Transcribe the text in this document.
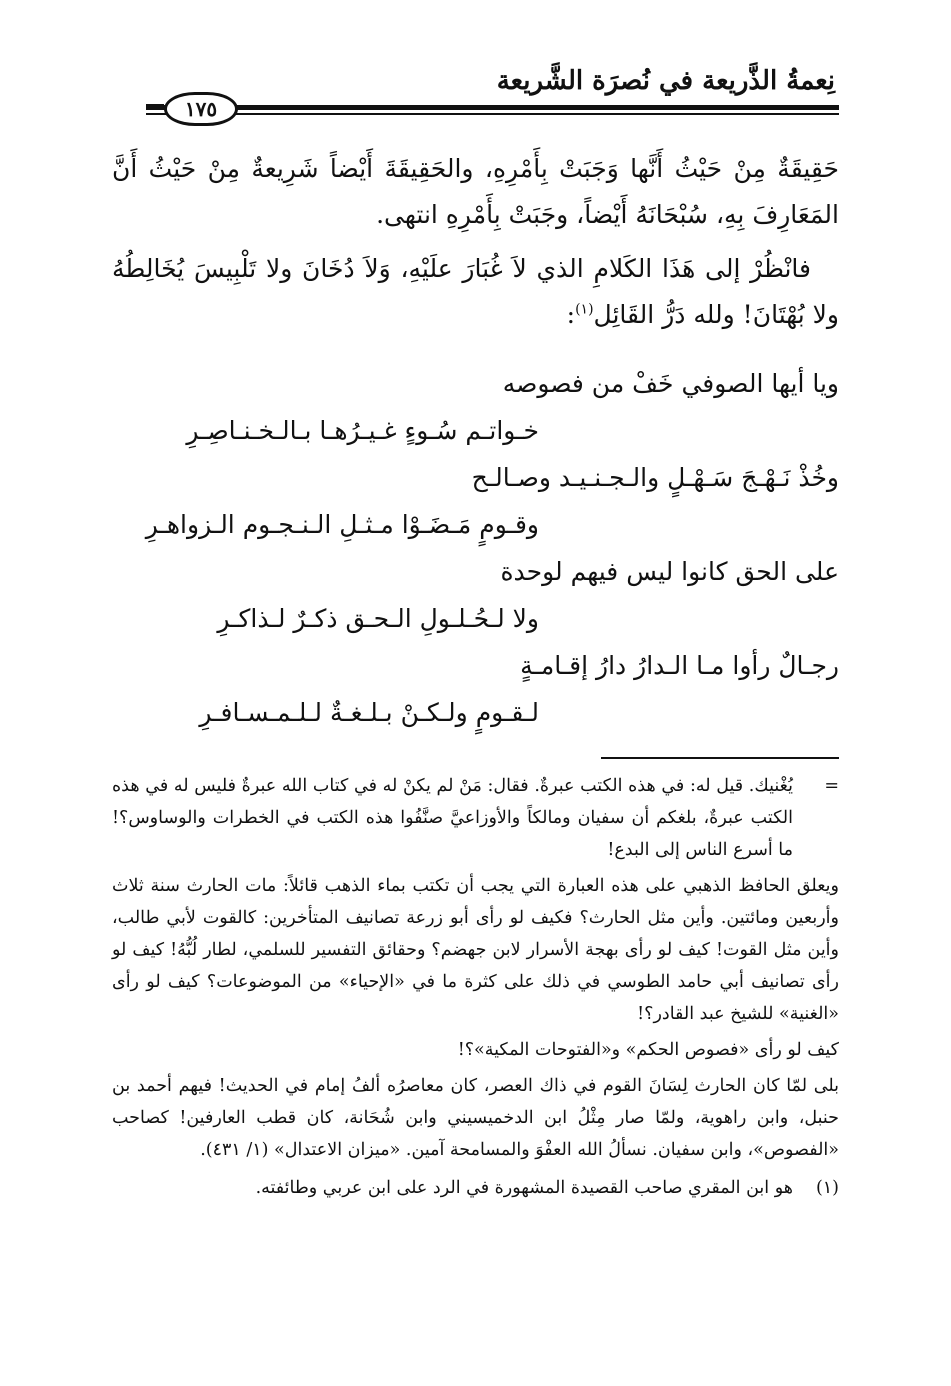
نِعمةُ الذَّريعة في نُصرَة الشَّريعة
١٧٥

حَقِيقَةٌ مِنْ حَيْثُ أَنَّها وَجَبَتْ بِأَمْرِهِ، والحَقِيقَةَ أَيْضاً شَرِيعةٌ مِنْ حَيْثُ أَنَّ المَعَارِفَ بِهِ، سُبْحَانَهُ أَيْضاً، وجَبَتْ بِأَمْرِهِ انتهى.

فانْظُرْ إلى هَذَا الكَلامِ الذي لاَ غُبَارَ علَيْهِ، وَلاَ دُخَانَ ولا تَلْبِيسَ يُخَالِطُهُ ولا بُهْتَانَ! ولله دَرُّ القَائِل$^{(١)}$:

ويا أيها الصوفي خَفْ من فصوصه
خـواتـم سُـوءٍ غـيـرُهـا بـالـخـنـاصِـرِ
وخُذْ نَـهْـجَ سَـهْـلٍ والـجـنـيـد وصـالـح
وقـومٍ مَـضَـوْا مـثـلِ الـنـجـوم الـزواهـرِ
على الحق كانوا ليس فيهم لوحدة
ولا لـحُـلـولِ الـحـق ذكـرٌ لـذاكـرِ
رجـالٌ رأوا مـا الـدارُ دارُ إقـامـةٍ
لـقـومٍ ولـكـنْ بـلـغـةٌ لـلـمـسـافـرِ

=
يُغْنيك. قيل له: في هذه الكتب عبرةٌ. فقال: مَنْ لم يكنْ له في كتاب الله عبرةٌ فليس له في هذه الكتب عبرةٌ، بلغكم أن سفيان ومالكاً والأوزاعيَّ صنَّفُوا هذه الكتب في الخطرات والوساوس؟! ما أسرع الناس إلى البدع!

ويعلق الحافظ الذهبي على هذه العبارة التي يجب أن تكتب بماء الذهب قائلاً: مات الحارث سنة ثلاث وأربعين ومائتين. وأين مثل الحارث؟ فكيف لو رأى أبو زرعة تصانيف المتأخرين: كالقوت لأبي طالب، وأين مثل القوت! كيف لو رأى بهجة الأسرار لابن جهضم؟ وحقائق التفسير للسلمي، لطار لُبُّهُ! كيف لو رأى تصانيف أبي حامد الطوسي في ذلك على كثرة ما في «الإحياء» من الموضوعات؟ كيف لو رأى «الغنية» للشيخ عبد القادر؟!

كيف لو رأى «فصوص الحكم» و«الفتوحات المكية»؟!

بلى لمّا كان الحارث لِسَانَ القوم في ذاك العصر، كان معاصرُه ألفُ إمام في الحديث! فيهم أحمد بن حنبل، وابن راهوية، ولمّا صار مِثْلُ ابن الدخميسيني وابن شُحَانة، كان قطب العارفين! كصاحب «الفصوص»، وابن سفيان. نسألُ الله العفْوَ والمسامحة آمين. «ميزان الاعتدال» (١/ ٤٣١).

(١)
هو ابن المقري صاحب القصيدة المشهورة في الرد على ابن عربي وطائفته.
